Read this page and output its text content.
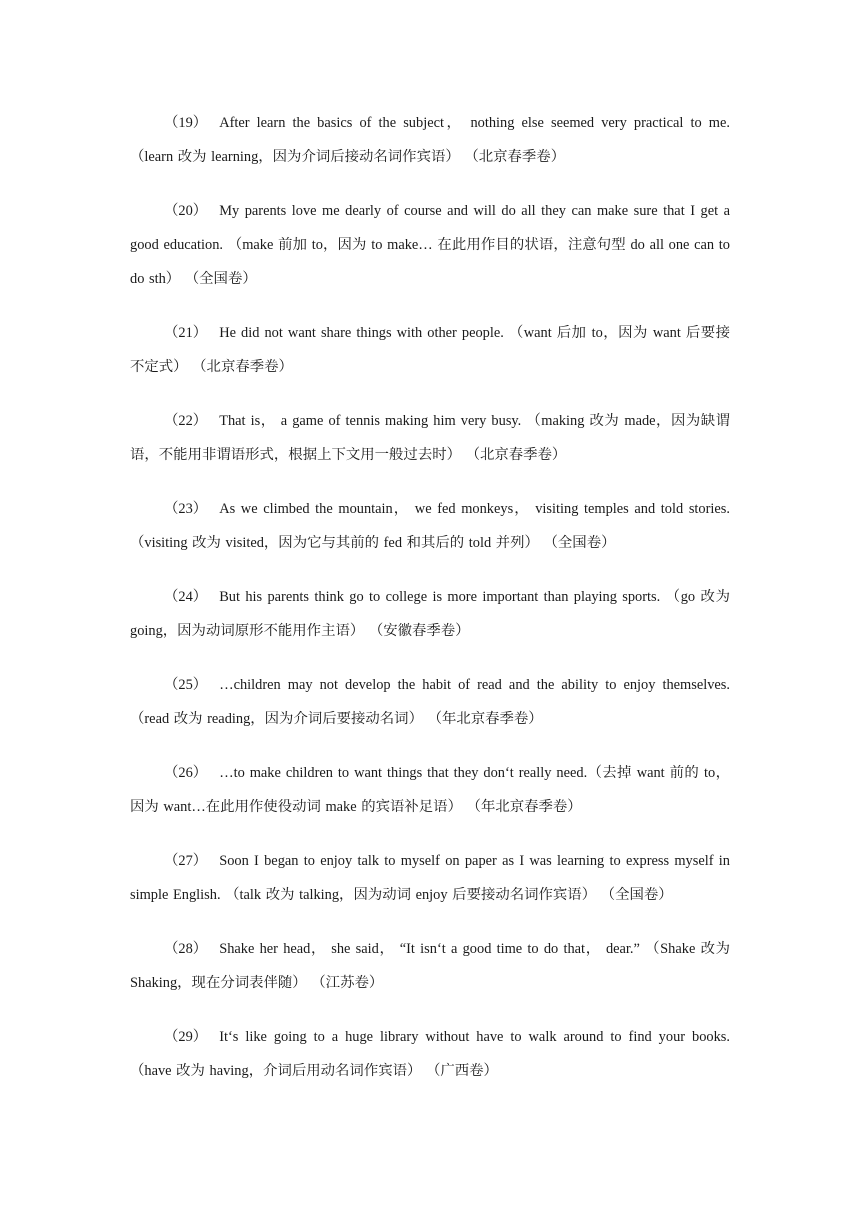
（19） After learn the basics of the subject， nothing else seemed very practical to me. （learn 改为 learning，因为介词后接动名词作宾语） （北京春季卷）

（20） My parents love me dearly of course and will do all they can make sure that I get a good education. （make 前加 to，因为 to make… 在此用作目的状语，注意句型 do all one can to do sth） （全国卷）

（21） He did not want share things with other people. （want 后加 to，因为 want 后要接不定式） （北京春季卷）

（22） That is， a game of tennis making him very busy. （making 改为 made，因为缺谓语，不能用非谓语形式，根据上下文用一般过去时） （北京春季卷）

（23） As we climbed the mountain， we fed monkeys， visiting temples and told stories. （visiting 改为 visited，因为它与其前的 fed 和其后的 told 并列） （全国卷）

（24） But his parents think go to college is more important than playing sports. （go 改为 going，因为动词原形不能用作主语） （安徽春季卷）

（25） …children may not develop the habit of read and the ability to enjoy themselves. （read 改为 reading，因为介词后要接动名词） （年北京春季卷）

（26） …to make children to want things that they don‘t really need.（去掉 want 前的 to，因为 want…在此用作使役动词 make 的宾语补足语） （年北京春季卷）

（27） Soon I began to enjoy talk to myself on paper as I was learning to express myself in simple English. （talk 改为 talking，因为动词 enjoy 后要接动名词作宾语） （全国卷）

（28） Shake her head， she said， “It isn‘t a good time to do that， dear.” （Shake 改为 Shaking，现在分词表伴随） （江苏卷）

（29） It‘s like going to a huge library without have to walk around to find your books. （have 改为 having，介词后用动名词作宾语） （广西卷）
